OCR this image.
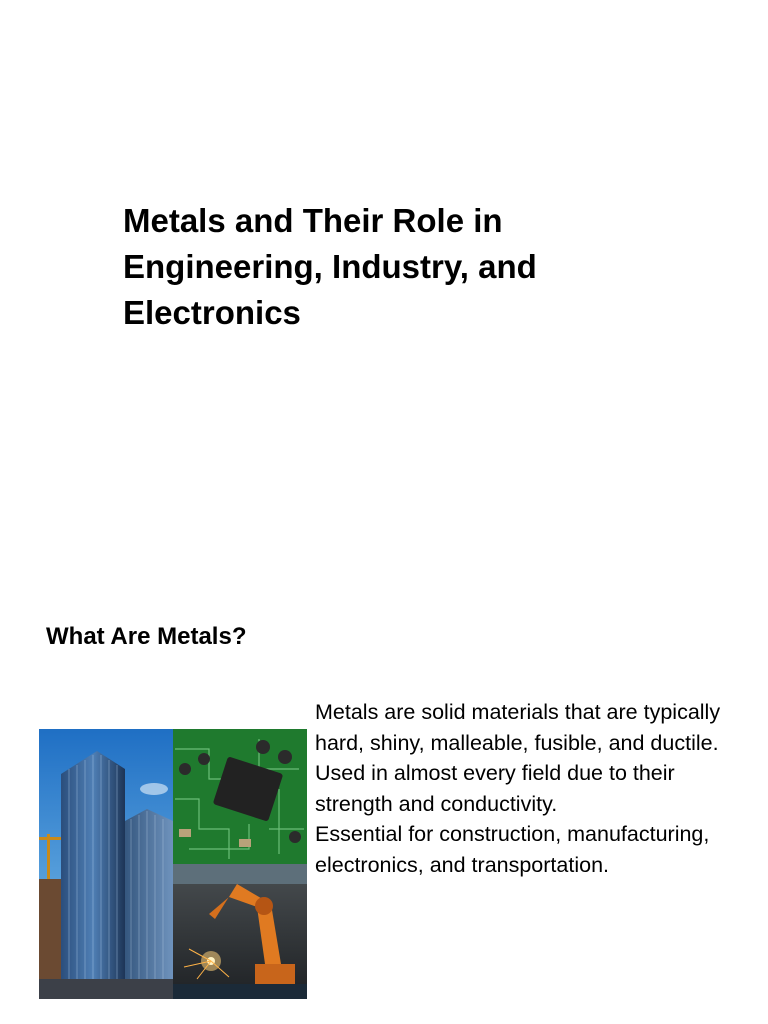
Metals and Their Role in Engineering, Industry, and Electronics
What Are Metals?

Metals are solid materials that are typically hard, shiny, malleable, fusible, and ductile.

Used in almost every field due to their strength and conductivity.

Essential for construction, manufacturing, electronics, and transportation.
